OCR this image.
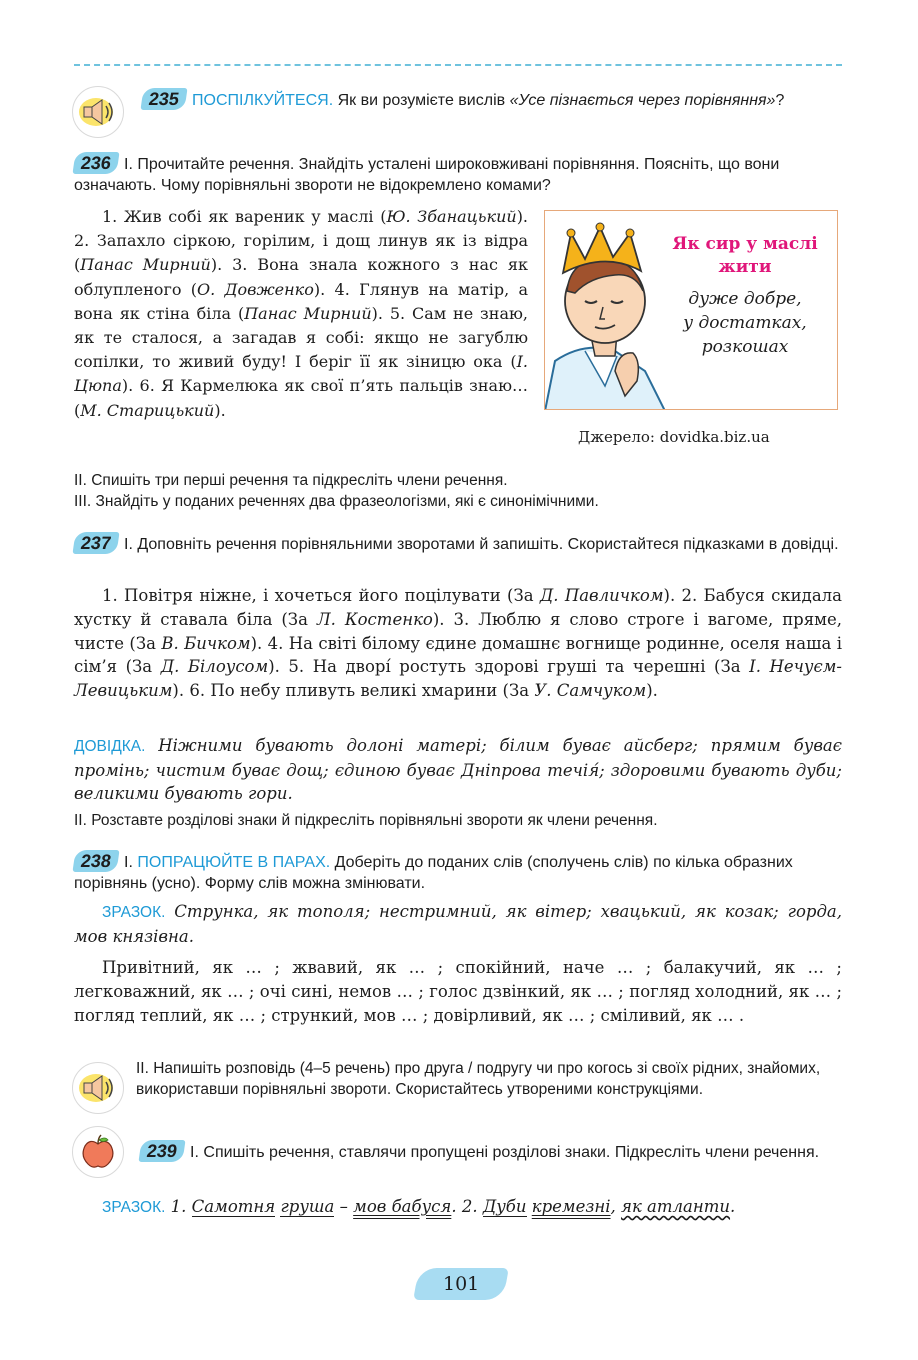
235 ПОСПІЛКУЙТЕСЯ. Як ви розумієте вислів «Усе пізнається через порівняння»?
236 І. Прочитайте речення. Знайдіть усталені широковживані порівняння. Поясніть, що вони означають. Чому порівняльні звороти не відокремлено комами?
1. Жив собі як вареник у маслі (Ю. Збанацький). 2. Запахло сіркою, горілим, і дощ линув як із відра (Панас Мирний). 3. Вона знала кожного з нас як облупленого (О. Довженко). 4. Глянув на матір, а вона як стіна біла (Панас Мирний). 5. Сам не знаю, як те сталося, а загадав я собі: якщо не загублю сопілки, то живий буду! І беріг її як зіницю ока (І. Цюпа). 6. Я Кармелюка як свої п’ять пальців знаю… (М. Старицький).
Як сир у маслі
жити
дуже добре,
у достатках,
розкошах
Джерело: dovidka.biz.ua
ІІ. Спишіть три перші речення та підкресліть члени речення.
ІІІ. Знайдіть у поданих реченнях два фразеологізми, які є синонімічними.
237 І. Доповніть речення порівняльними зворотами й запишіть. Скористайтеся підказками в довідці.
1. Повітря ніжне, і хочеться його поцілувати (За Д. Павличком). 2. Бабуся скидала хустку й ставала біла (За Л. Костенко). 3. Люблю я слово строге і вагоме, пряме, чисте (За В. Бичком). 4. На світі білому єдине домашнє вогнище родинне, оселя наша і сім’я (За Д. Білоусом). 5. На дворі́ ростуть здорові груші та черешні (За І. Нечуєм-Левицьким). 6. По небу пливуть великі хмарини (За У. Самчуком).
ДОВІДКА. Ніжними бувають долоні матері; білим буває айсберг; прямим буває промінь; чистим буває дощ; єдиною буває Дніпрова течія́; здоровими бувають дуби; великими бувають гори.
ІІ. Розставте розділові знаки й підкресліть порівняльні звороти як члени речення.
238 І. ПОПРАЦЮЙТЕ В ПАРАХ. Доберіть до поданих слів (сполучень слів) по кілька образних порівнянь (усно). Форму слів можна змінювати.
ЗРАЗОК. Струнка, як тополя; нестримний, як вітер; хвацький, як козак; горда, мов князівна.
Привітний, як … ; жвавий, як … ; спокійний, наче … ; балакучий, як … ; легковажний, як … ; очі сині, немов … ; голос дзвінкий, як … ; погляд холодний, як … ; погляд теплий, як … ; стрункий, мов … ; довірливий, як … ; сміливий, як … .
ІІ. Напишіть розповідь (4–5 речень) про друга / подругу чи про когось зі своїх рідних, знайомих, використавши порівняльні звороти. Скористайтесь утвореними конструкціями.
239 І. Спишіть речення, ставлячи пропущені розділові знаки. Підкресліть члени речення.
ЗРАЗОК. 1. Самотня груша – мов бабуся. 2. Дуби кремезні, як атланти.
101
